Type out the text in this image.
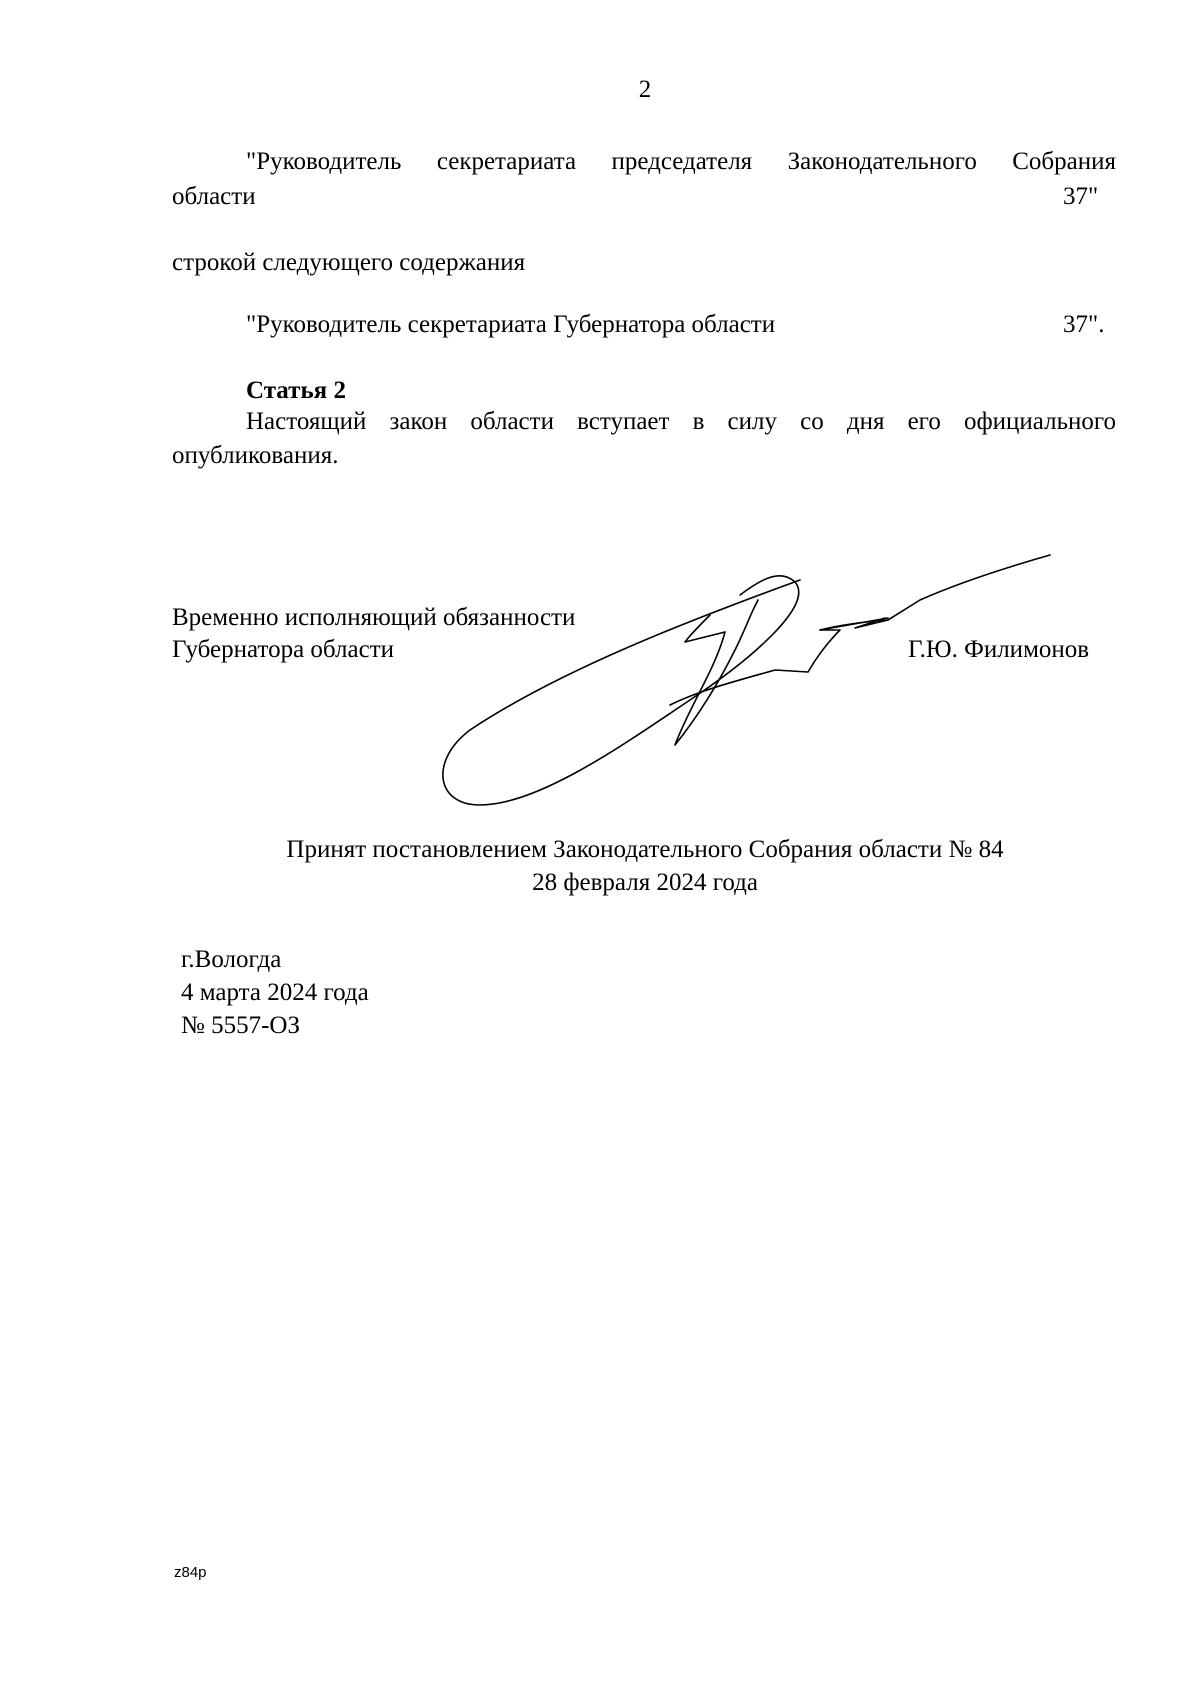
2
"Руководитель секретариата председателя Законодательного Собрания
области	37"
строкой следующего содержания
"Руководитель секретариата Губернатора области	37".
Статья 2
Настоящий закон области вступает в силу со дня его официального
опубликования.
Временно исполняющий обязанности
Губернатора области	Г.Ю. Филимонов
Принят постановлением Законодательного Собрания области № 84
28 февраля 2024 года
г.Вологда
4 марта 2024 года
№ 5557-ОЗ
z84p
